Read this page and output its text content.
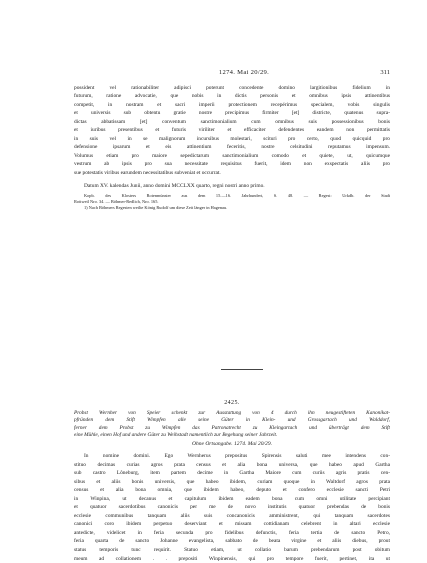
1274. Mai 20/29.	311

possident vel rationabiliter adipisci poterunt concedente domino largitionibus fidelium in

futurum, ratione advocatie, que nobis in dictis personis et omnibus ipsis attinentibus

competit, in nostram et sacri imperii protectionem recepérimus specialem, vobis singulis

et universis sub obtentu gratie nostre precipimus firmiter [et] districte, quatenus supra-

dictas abbatissam [et] conventum sanctimonialium cum omnibus suis possessionibus bonis

et iuribus presentibus et futuris viriliter et efficaciter defendentes eandem non permittatis

in suis vel in se malignorum incursibus molestari, scituri pro certo, quod quicquid pro

defensione ipsarum et eis attinentium feceritis, nostre celsitudini reputamus impensum.

Volumus etiam pro maiore sepedictarum sanctimonialium comodo et quiete, ut, quicumque

vestrum ab ipsis pro sua necessitate requisitus fuerit, idem non exspectatis aliis pro

sue potestatis viribus earundem necessitatibus subveniat et occurrat.

Datum XV. kalendas Junii, anno domini MCCLXX quarto, regni nostri anno primo.

Kopb. des Klosters Rotenmünster aus dem 15.—16. Jahrhundert, S. 48. — Regest: Urkdb. der Stadt

Rottweil Nro. 34. — Böhmer-Redlich, Nro. 165.

1) Nach Böhmers Regesten weilte König Rudolf um diese Zeit länger in Hagenau.

2425.

Probst Wernher von Speier schenkt zur Ausstattung von 4 durch ihn neugestifteten Kanonikat-

pfründen dem Stift Wimpfen alle seine Güter in Klein- und Grossgartach und Walddorf,

ferner dem Probst zu Wimpfen das Patronatrecht zu Kleingartach und überträgt dem Stift

eine Mühle, einen Hof und andere Güter zu Weihstadt namentlich zur Begehung seiner Jahrzeit.

Ohne Ortsangabe. 1274. Mai 20/29.

In nomine domini. Ego Wernherus prepositus Spirensis saluti mee intendens con-

stituo decimas curias agros prata census et alia bona universa, que habeo apud Gartha

sub castro Lôneburg, item partem decime in Gartha Maiore cum curiis agris pratis cen-

sibus et aliis bonis universis, que habeo ibidem, curiam quoque in Waltdorf agros prata

census et alia bona omnia, que ibidem habeo, deputo et confero ecclesie sancti Petri

in Winpina, ut decanus et capitulum ibidem eadem bona cum omni utilitate percipiant

et quatuor sacerdotibus canonicis per me de novo institutis quatuor prebendas de bonis

ecclesie communibus tanquam aliis suis concanonicis amministrent, qui tanquam sacerdotes

canonici coro ibidem perpetuo deserviant et missam cottidianam celebrent in altari ecclesie

antedicte, videlicet in feria secunda pro fidelibus defunctis, feria tertia de sancto Petro,

feria quarta de sancto Johanne evangelista, sabbato de beata virgine et aliis diebus, prout

status temporis tunc requirit. Statuo etiam, ut collatio barum prebendarum post obitum

meum ad collationem . . prepositi Winpinensis, qui pro tempore fuerit, pertinet, ita ut
